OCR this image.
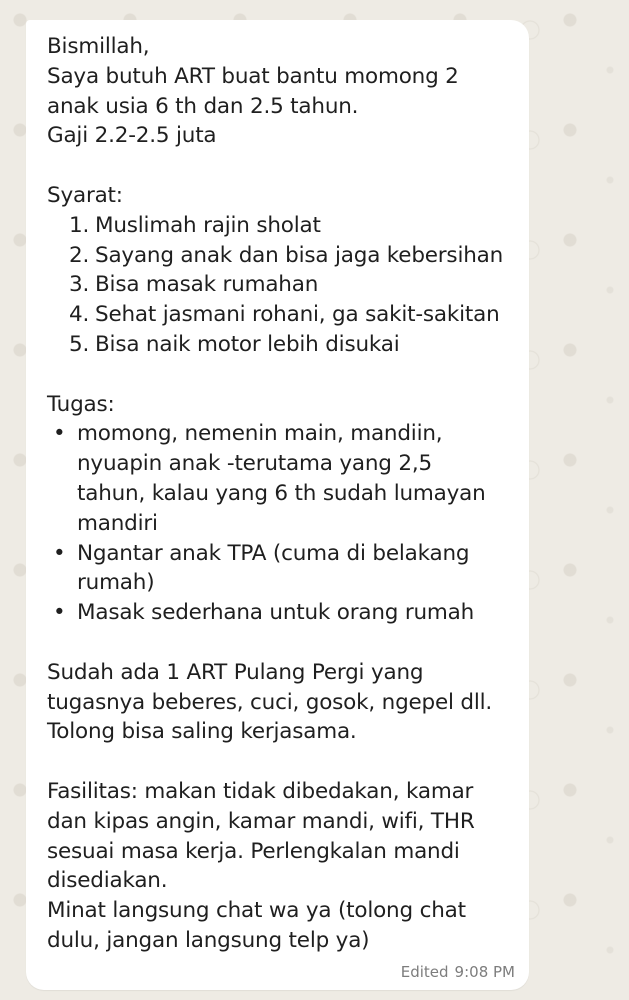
Bismillah,
Saya butuh ART buat bantu momong 2
anak usia 6 th dan 2.5 tahun.
Gaji 2.2-2.5 juta
Syarat:
1. Muslimah rajin sholat
2. Sayang anak dan bisa jaga kebersihan
3. Bisa masak rumahan
4. Sehat jasmani rohani, ga sakit-sakitan
5. Bisa naik motor lebih disukai
Tugas:
• momong, nemenin main, mandiin,
nyuapin anak -terutama yang 2,5
tahun, kalau yang 6 th sudah lumayan
mandiri
• Ngantar anak TPA (cuma di belakang
rumah)
• Masak sederhana untuk orang rumah
Sudah ada 1 ART Pulang Pergi yang
tugasnya beberes, cuci, gosok, ngepel dll.
Tolong bisa saling kerjasama.
Fasilitas: makan tidak dibedakan, kamar
dan kipas angin, kamar mandi, wifi, THR
sesuai masa kerja. Perlengkalan mandi
disediakan.
Minat langsung chat wa ya (tolong chat
dulu, jangan langsung telp ya)
Edited 9:08 PM
